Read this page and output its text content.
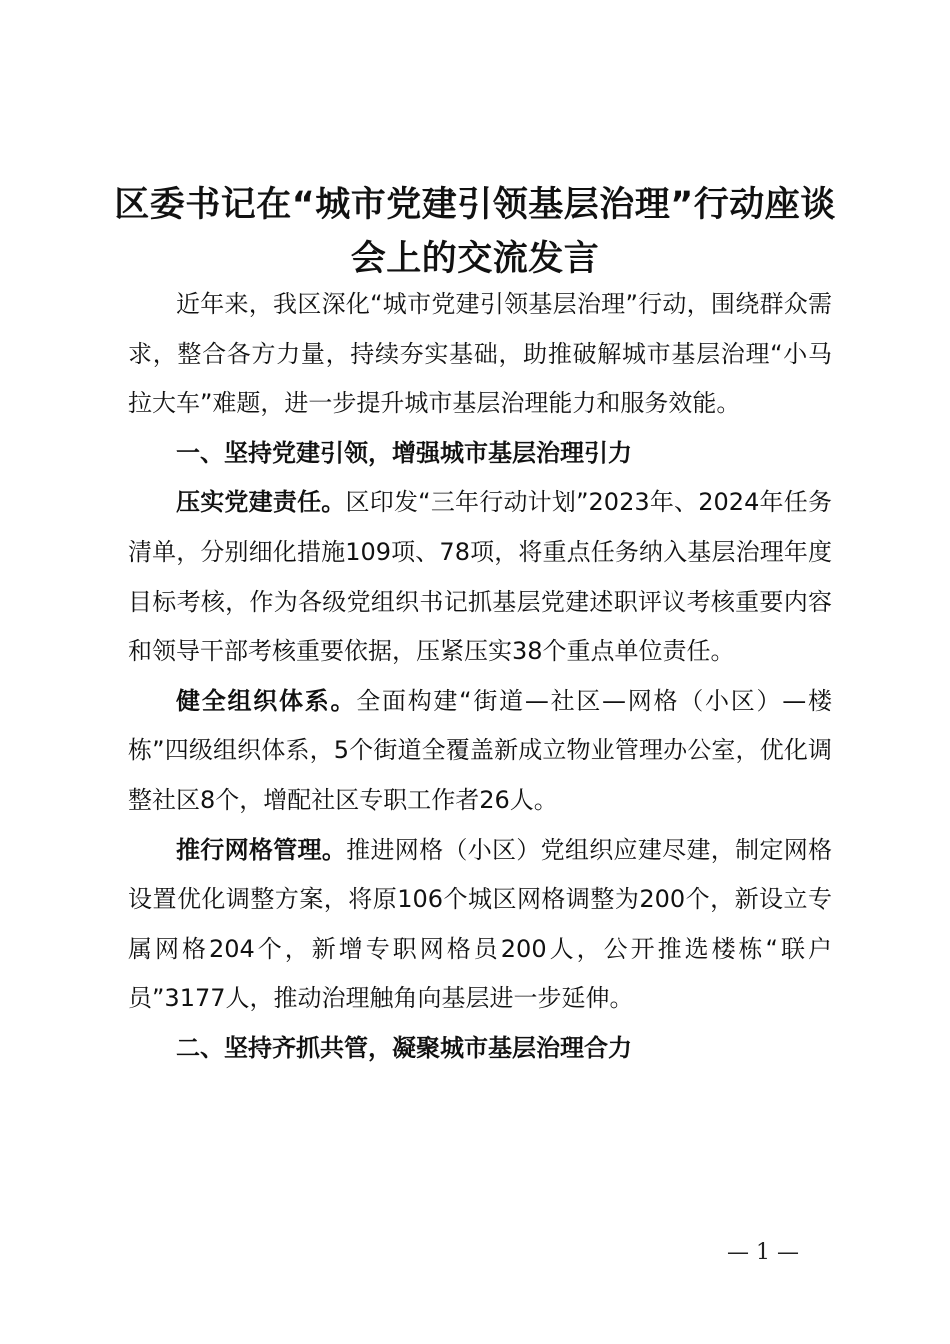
区委书记在“城市党建引领基层治理”行动座谈
会上的交流发言

近年来，我区深化“城市党建引领基层治理”行动，围绕群众需求，整合各方力量，持续夯实基础，助推破解城市基层治理“小马拉大车”难题，进一步提升城市基层治理能力和服务效能。

一、坚持党建引领，增强城市基层治理引力

压实党建责任。区印发“三年行动计划”2023年、2024年任务清单，分别细化措施109项、78项，将重点任务纳入基层治理年度目标考核，作为各级党组织书记抓基层党建述职评议考核重要内容和领导干部考核重要依据，压紧压实38个重点单位责任。

健全组织体系。全面构建“街道—社区—网格（小区）—楼栋”四级组织体系，5个街道全覆盖新成立物业管理办公室，优化调整社区8个，增配社区专职工作者26人。

推行网格管理。推进网格（小区）党组织应建尽建，制定网格设置优化调整方案，将原106个城区网格调整为200个，新设立专属网格204个，新增专职网格员200人，公开推选楼栋“联户员”3177人，推动治理触角向基层进一步延伸。

二、坚持齐抓共管，凝聚城市基层治理合力

— 1 —
